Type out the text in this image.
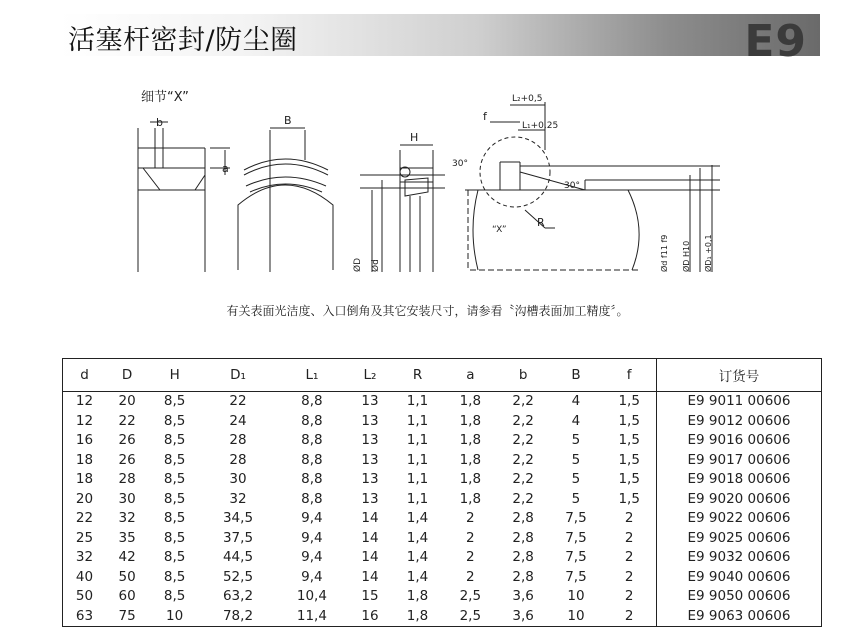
活塞杆密封/防尘圈	E9
细节“X”
b	B
a
H
f
L₂+0,5
L₁+0,25
30°
30°
R
“X”
ØD Ød	Ød f11 f9 ØD H10 ØD₁ +0,1
有关表面光洁度、入口倒角及其它安装尺寸，请参看〝沟槽表面加工精度〞。
d	D	H	D₁	L₁	L₂	R	a	b	B	f	订货号
12	20	8,5	22	8,8	13	1,1	1,8	2,2	4	1,5	E9 9011 00606
12	22	8,5	24	8,8	13	1,1	1,8	2,2	4	1,5	E9 9012 00606
16	26	8,5	28	8,8	13	1,1	1,8	2,2	5	1,5	E9 9016 00606
18	26	8,5	28	8,8	13	1,1	1,8	2,2	5	1,5	E9 9017 00606
18	28	8,5	30	8,8	13	1,1	1,8	2,2	5	1,5	E9 9018 00606
20	30	8,5	32	8,8	13	1,1	1,8	2,2	5	1,5	E9 9020 00606
22	32	8,5	34,5	9,4	14	1,4	2	2,8	7,5	2	E9 9022 00606
25	35	8,5	37,5	9,4	14	1,4	2	2,8	7,5	2	E9 9025 00606
32	42	8,5	44,5	9,4	14	1,4	2	2,8	7,5	2	E9 9032 00606
40	50	8,5	52,5	9,4	14	1,4	2	2,8	7,5	2	E9 9040 00606
50	60	8,5	63,2	10,4	15	1,8	2,5	3,6	10	2	E9 9050 00606
63	75	10	78,2	11,4	16	1,8	2,5	3,6	10	2	E9 9063 00606
